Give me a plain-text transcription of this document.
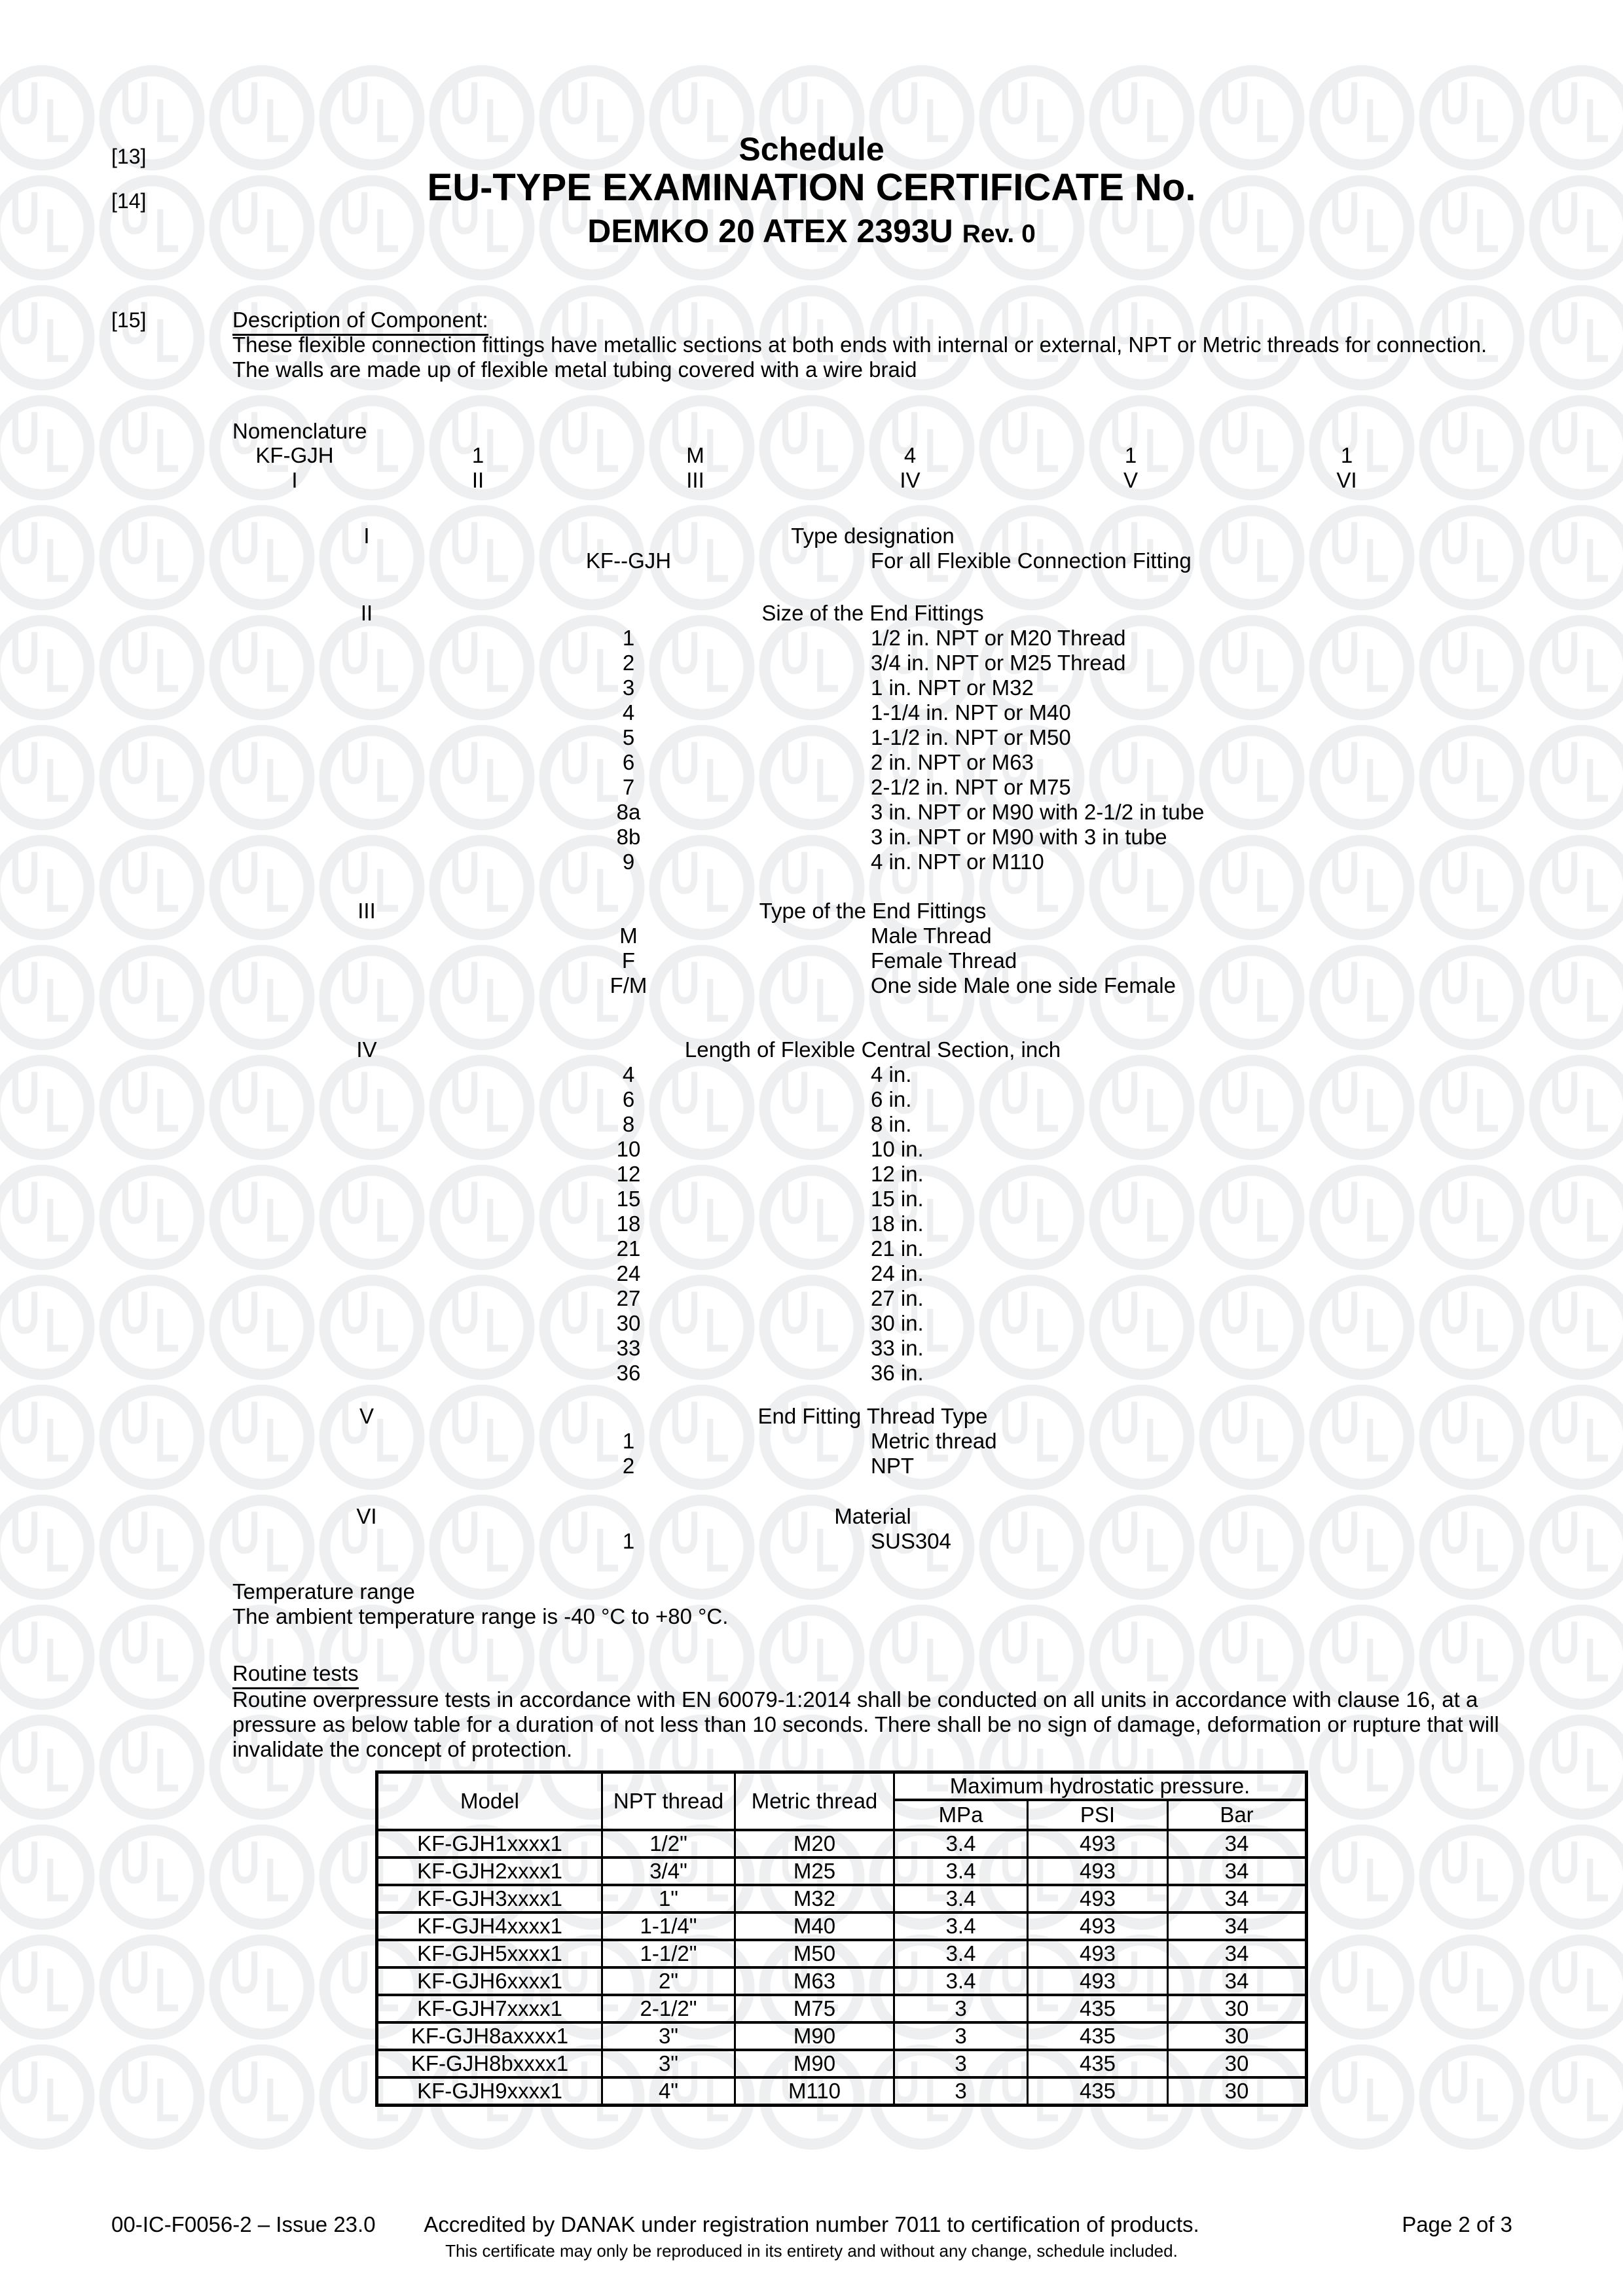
[13]
[14]
[15]
Schedule
EU-TYPE EXAMINATION CERTIFICATE No.
DEMKO 20 ATEX 2393U Rev. 0
Description of Component:
These flexible connection fittings have metallic sections at both ends with internal or external, NPT or Metric threads for connection.
The walls are made up of flexible metal tubing covered with a wire braid
Nomenclature
KF-GJH	1	M	4	1	1
I	II	III	IV	V	VI
I	Type designation
KF--GJH	For all Flexible Connection Fitting
II	Size of the End Fittings
1	1/2 in. NPT or M20 Thread
2	3/4 in. NPT or M25 Thread
3	1 in. NPT or M32
4	1-1/4 in. NPT or M40
5	1-1/2 in. NPT or M50
6	2 in. NPT or M63
7	2-1/2 in. NPT or M75
8a	3 in. NPT or M90 with 2-1/2 in tube
8b	3 in. NPT or M90 with 3 in tube
9	4 in. NPT or M110
III	Type of the End Fittings
M	Male Thread
F	Female Thread
F/M	One side Male one side Female
IV	Length of Flexible Central Section, inch
4	4 in.
6	6 in.
8	8 in.
10	10 in.
12	12 in.
15	15 in.
18	18 in.
21	21 in.
24	24 in.
27	27 in.
30	30 in.
33	33 in.
36	36 in.
V	End Fitting Thread Type
1	Metric thread
2	NPT
VI	Material
1	SUS304
Temperature range
The ambient temperature range is -40 °C to +80 °C.
Routine tests
Routine overpressure tests in accordance with EN 60079-1:2014 shall be conducted on all units in accordance with clause 16, at a
pressure as below table for a duration of not less than 10 seconds. There shall be no sign of damage, deformation or rupture that will
invalidate the concept of protection.
Model	NPT thread	Metric thread	Maximum hydrostatic pressure.		
			MPa	PSI	Bar
KF-GJH1xxxx1	1/2"	M20	3.4	493	34
KF-GJH2xxxx1	3/4"	M25	3.4	493	34
KF-GJH3xxxx1	1"	M32	3.4	493	34
KF-GJH4xxxx1	1-1/4"	M40	3.4	493	34
KF-GJH5xxxx1	1-1/2"	M50	3.4	493	34
KF-GJH6xxxx1	2"	M63	3.4	493	34
KF-GJH7xxxx1	2-1/2"	M75	3	435	30
KF-GJH8axxxx1	3"	M90	3	435	30
KF-GJH8bxxxx1	3"	M90	3	435	30
KF-GJH9xxxx1	4"	M110	3	435	30
00-IC-F0056-2 – Issue 23.0	Accredited by DANAK under registration number 7011 to certification of products.	Page 2 of 3
This certificate may only be reproduced in its entirety and without any change, schedule included.
